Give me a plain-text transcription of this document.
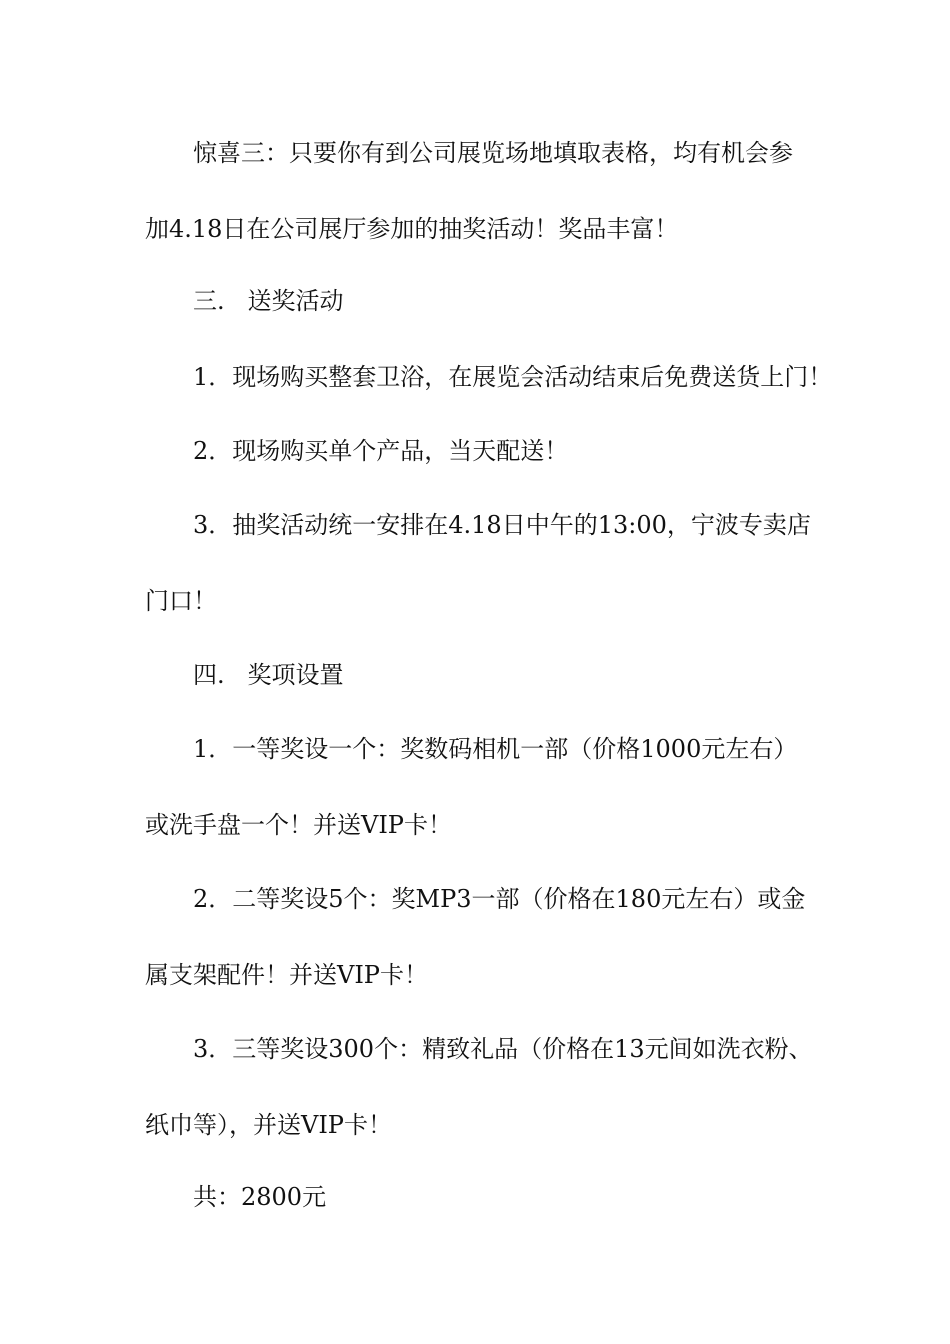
惊喜三：只要你有到公司展览场地填取表格，均有机会参
加4.18日在公司展厅参加的抽奖活动！奖品丰富！

三.   送奖活动

1．现场购买整套卫浴，在展览会活动结束后免费送货上门！

2．现场购买单个产品，当天配送！

3．抽奖活动统一安排在4.18日中午的13:00，宁波专卖店
门口！

四.   奖项设置

1．一等奖设一个：奖数码相机一部（价格1000元左右）
或洗手盘一个！并送VIP卡！

2．二等奖设5个：奖MP3一部（价格在180元左右）或金
属支架配件！并送VIP卡！

3．三等奖设300个：精致礼品（价格在13元间如洗衣粉、
纸巾等），并送VIP卡！

共：2800元
